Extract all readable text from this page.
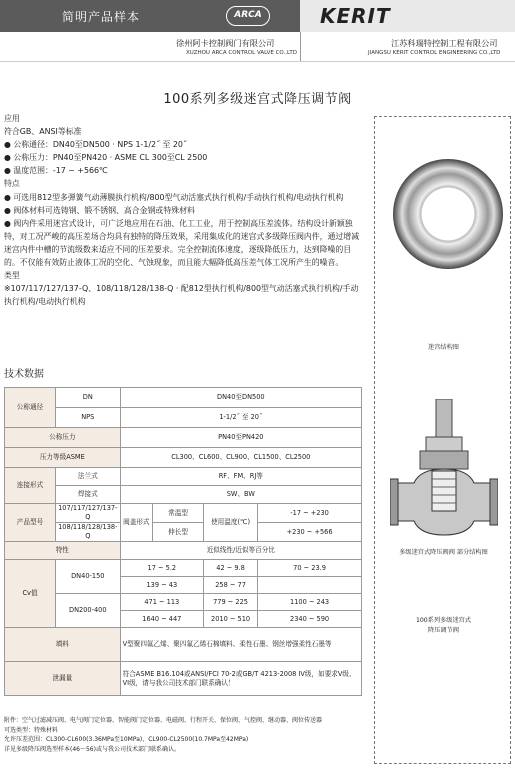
简明产品样本	ARCA	KERIT
徐州阿卡控制阀门有限公司
XUZHOU ARCA CONTROL VALVE CO.,LTD
江苏科瑞特控制工程有限公司
JIANGSU KERIT CONTROL ENGINEERING CO.,LTD
100系列多级迷宫式降压调节阀

应用

符合GB、ANSI等标准

● 公称通径：DN40至DN500 · NPS 1-1/2˝ 至 20˝

● 公称压力：PN40至PN420 · ASME CL 300至CL 2500

● 温度范围：-17 ~ +566℃

特点

● 可选用812型多弹簧气动薄膜执行机构/800型气动活塞式执行机构/手动执行机构/电动执行机构

● 阀体材料可选铸钢、锻不锈钢、高合金钢或特殊材料

● 阀内件采用迷宫式设计，可广泛地应用在石油、化工工业，用于控制高压差流体。结构设计新颖独特，对工况严峻的高压差场合均具有独特的降压效果，采用集成化的迷宫式多级降压阀内件，通过增减迷宫内件中槽的节流级数来适应不同的压差要求。完全控制流体速度，逐级降低压力，达到降噪的目的。不仅能有效防止液体工况的空化、气蚀现象，而且能大幅降低高压差气体工况所产生的噪音。

类型

※107/117/127/137-Q、108/118/128/138-Q · 配812型执行机构/800型气动活塞式执行机构/手动执行机构/电动执行机构

技术数据
公称通径	DN	DN40至DN500			
	NPS	1-1/2˝ 至 20˝			
公称压力		PN40至PN420			
压力等级ASME		CL300、CL600、CL900、CL1500、CL2500			
连接形式	法兰式	RF、FM、RJ等			
	焊接式	SW、BW			
产品型号	107/117/127/137-Q	阀盖形式	常温型	使用温度(℃)	-17 ~ +230
	108/118/128/138-Q		伸长型		+230 ~ +566
特性		近似线性/近似等百分比			
Cv值	DN40-150	17 ~ 5.2		42 ~ 9.8	70 ~ 23.9
		139 ~ 43		258 ~ 77	
	DN200-400	471 ~ 113		779 ~ 225	1100 ~ 243
		1640 ~ 447		2010 ~ 510	2340 ~ 590
填料		V型聚四氟乙烯、聚四氟乙烯石棉填料、柔性石墨、钢丝增强柔性石墨等			
泄漏量		符合ASME B16.104或ANSI/FCI 70-2或GB/T 4213-2008 IV级，如要求V级、VI级，请与我公司技术部门联系确认！			

附件：空气过滤减压阀、电气阀门定位器、智能阀门定位器、电磁阀、行程开关、保位阀、气控阀、继动器、阀位传送器

可选类型：特殊材料

允许压差范围：CL300-CL600(3.36MPa至10MPa)、CL900-CL2500(10.7MPa至42MPa)

详见多级降压阀选型样本(46～56)或与我公司技术部门联系确认。

迷宫结构图
多级迷宫式降压阀阀 部分结构图
100系列多级迷宫式
降压调节阀
